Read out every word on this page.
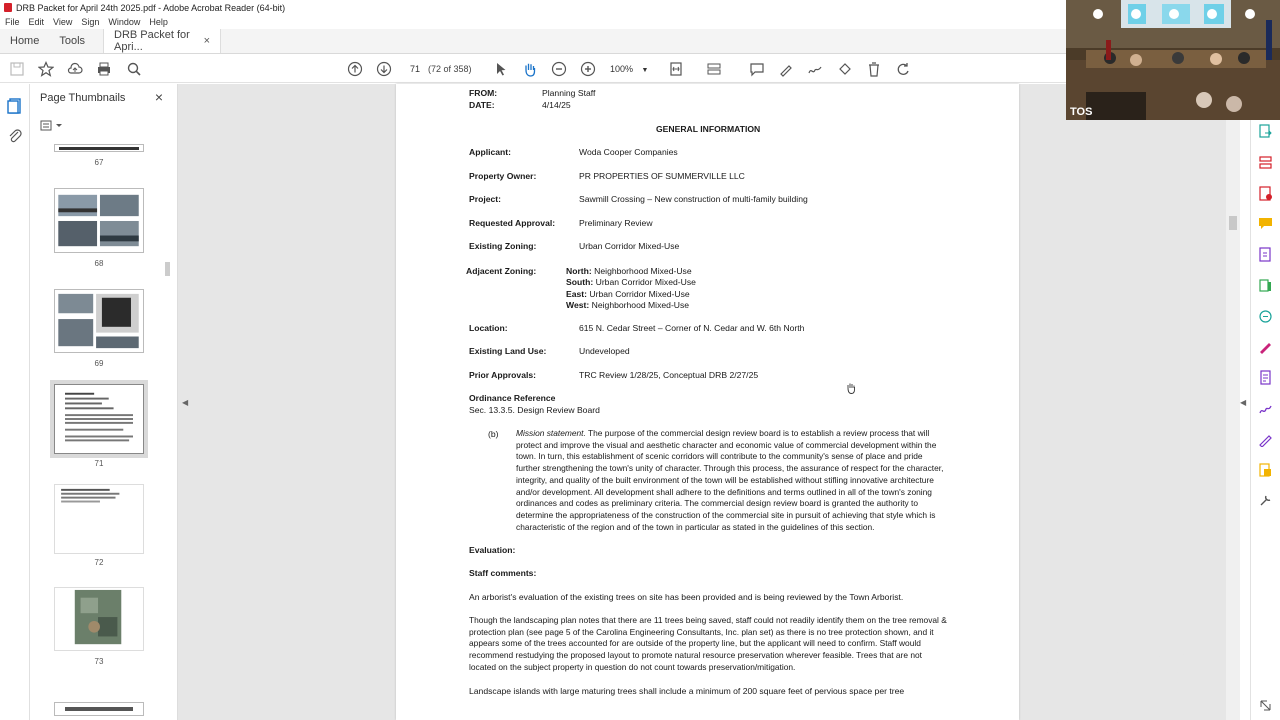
DRB Packet for April 24th 2025.pdf - Adobe Acrobat Reader (64-bit)
File Edit View Sign Window Help
Home	Tools	DRB Packet for Apri...	×
71 (72 of 358)	100% ▼
Page Thumbnails ×
67
68
69
71
72
73
◀	◀
FROM:	Planning Staff
DATE:	4/14/25
GENERAL INFORMATION
Applicant:	Woda Cooper Companies
Property Owner:	PR PROPERTIES OF SUMMERVILLE LLC
Project:	Sawmill Crossing – New construction of multi-family building
Requested Approval:	Preliminary Review
Existing Zoning:	Urban Corridor Mixed-Use
Adjacent Zoning:	North: Neighborhood Mixed-Use
South: Urban Corridor Mixed-Use
East: Urban Corridor Mixed-Use
West: Neighborhood Mixed-Use
Location:	615 N. Cedar Street – Corner of N. Cedar and W. 6th North
Existing Land Use:	Undeveloped
Prior Approvals:	TRC Review 1/28/25, Conceptual DRB 2/27/25
Ordinance Reference
Sec. 13.3.5. Design Review Board
(b) Mission statement. The purpose of the commercial design review board is to establish a review process that will
protect and improve the visual and aesthetic character and economic value of commercial development within the
town. In turn, this establishment of scenic corridors will contribute to the community's sense of place and pride
further strengthening the town's unity of character. Through this process, the assurance of respect for the character,
integrity, and quality of the built environment of the town will be established without stifling innovative architecture
and/or development. All development shall adhere to the definitions and terms outlined in all of the town's zoning
ordinances and codes as preliminary criteria. The commercial design review board is granted the authority to
determine the appropriateness of the construction of the commercial site in pursuit of achieving that style which is
characteristic of the region and of the town in particular as stated in the guidelines of this section.
Evaluation:
Staff comments:
An arborist's evaluation of the existing trees on site has been provided and is being reviewed by the Town Arborist.
Though the landscaping plan notes that there are 11 trees being saved, staff could not readily identify them on the tree removal &
protection plan (see page 5 of the Carolina Engineering Consultants, Inc. plan set) as there is no tree protection shown, and it
appears some of the trees accounted for are outside of the property line, but the applicant will need to confirm. Staff would
recommend restudying the proposed layout to promote natural resource preservation wherever feasible. Trees that are not
located on the subject property in question do not count towards preservation/mitigation.
Landscape islands with large maturing trees shall include a minimum of 200 square feet of pervious space per tree
TOS
zoom
